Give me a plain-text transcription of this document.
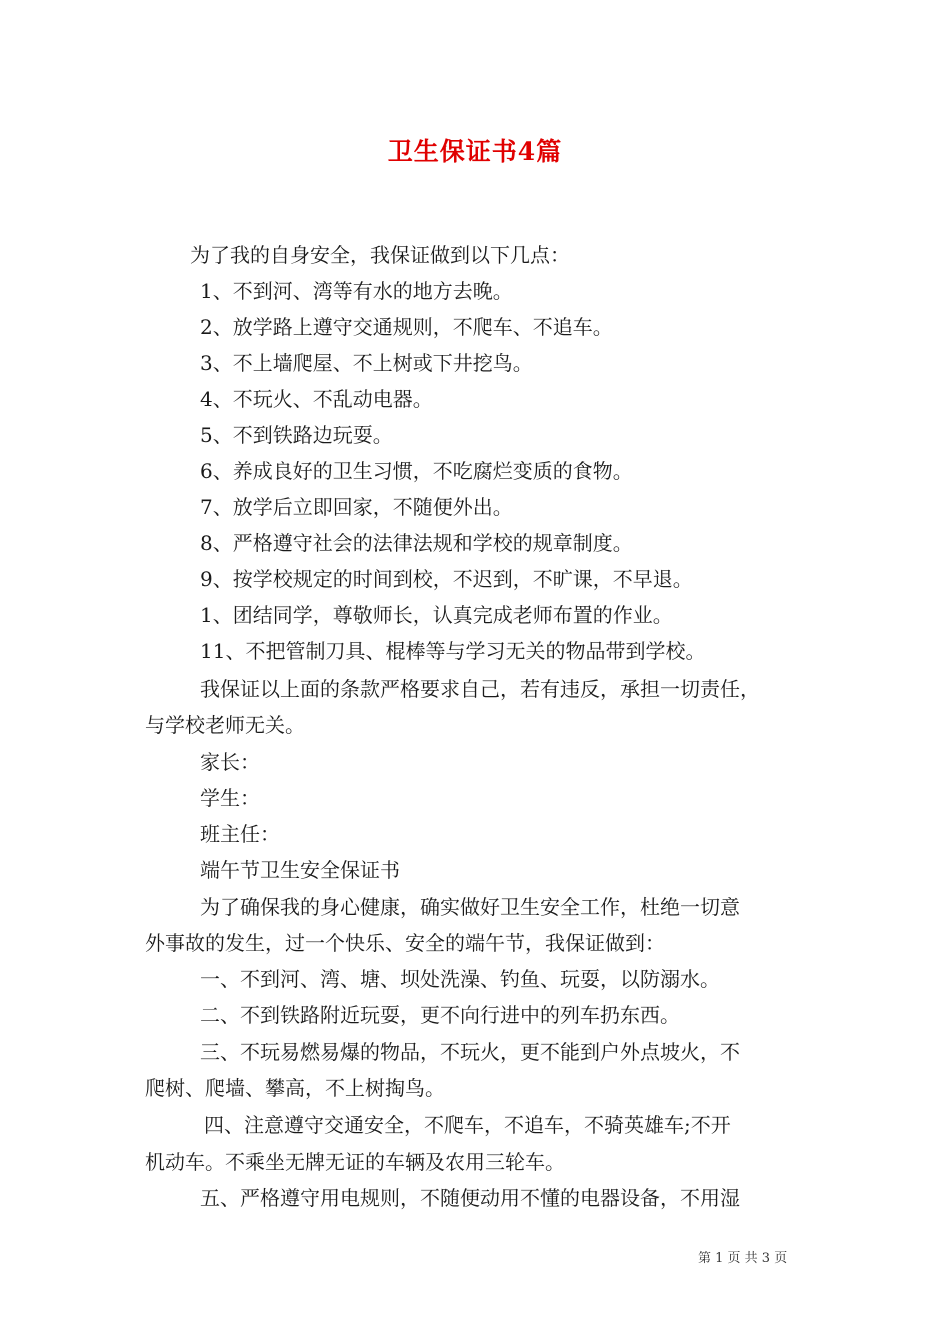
卫生保证书4篇
为了我的自身安全，我保证做到以下几点：
1、不到河、湾等有水的地方去晚。
2、放学路上遵守交通规则，不爬车、不追车。
3、不上墙爬屋、不上树或下井挖鸟。
4、不玩火、不乱动电器。
5、不到铁路边玩耍。
6、养成良好的卫生习惯，不吃腐烂变质的食物。
7、放学后立即回家，不随便外出。
8、严格遵守社会的法律法规和学校的规章制度。
9、按学校规定的时间到校，不迟到，不旷课，不早退。
1、团结同学，尊敬师长，认真完成老师布置的作业。
11、不把管制刀具、棍棒等与学习无关的物品带到学校。
我保证以上面的条款严格要求自己，若有违反，承担一切责任，
与学校老师无关。
家长：
学生：
班主任：
端午节卫生安全保证书
为了确保我的身心健康，确实做好卫生安全工作，杜绝一切意
外事故的发生，过一个快乐、安全的端午节，我保证做到：
一、不到河、湾、塘、坝处洗澡、钓鱼、玩耍，以防溺水。
二、不到铁路附近玩耍，更不向行进中的列车扔东西。
三、不玩易燃易爆的物品，不玩火，更不能到户外点坡火，不
爬树、爬墙、攀高，不上树掏鸟。
四、注意遵守交通安全，不爬车，不追车，不骑英雄车;不开
机动车。不乘坐无牌无证的车辆及农用三轮车。
五、严格遵守用电规则，不随便动用不懂的电器设备，不用湿
第 1 页 共 3 页
